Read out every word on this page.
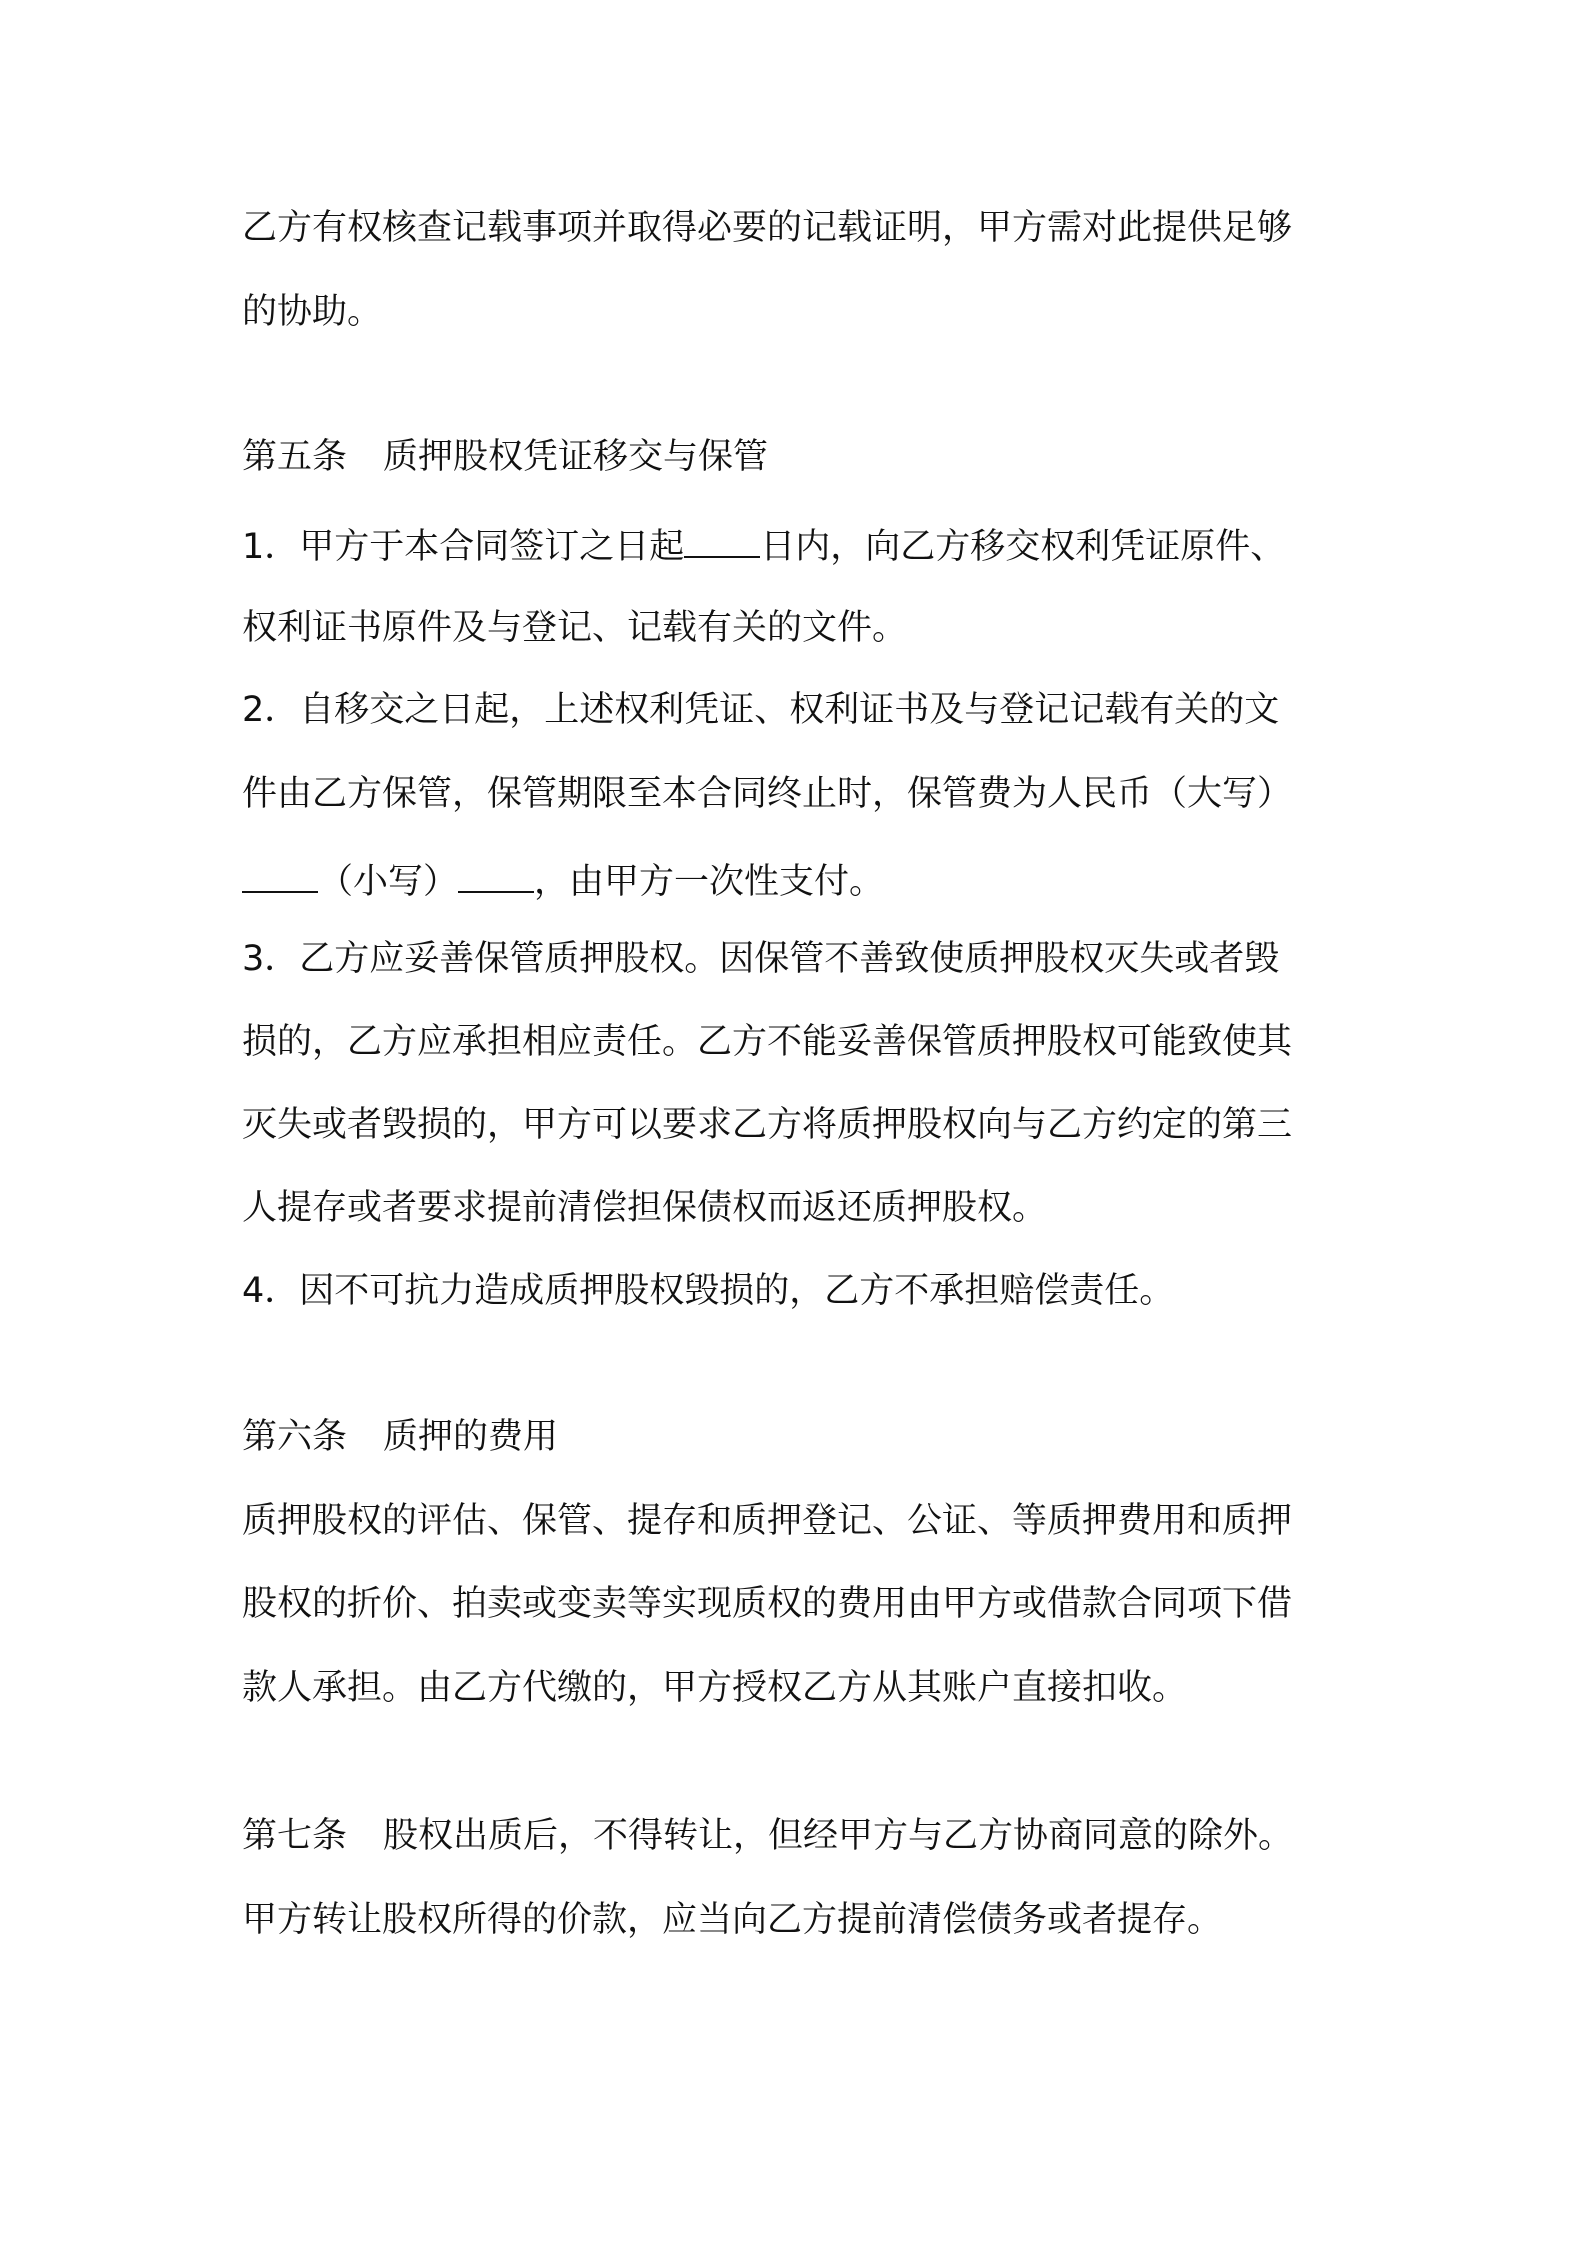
乙方有权核查记载事项并取得必要的记载证明，甲方需对此提供足够
的协助。
第五条 质押股权凭证移交与保管
1．甲方于本合同签订之日起 日内，向乙方移交权利凭证原件、
权利证书原件及与登记、记载有关的文件。
2．自移交之日起，上述权利凭证、权利证书及与登记记载有关的文
件由乙方保管，保管期限至本合同终止时，保管费为人民币（大写）
（小写） ，由甲方一次性支付。
3．乙方应妥善保管质押股权。因保管不善致使质押股权灭失或者毁
损的，乙方应承担相应责任。乙方不能妥善保管质押股权可能致使其
灭失或者毁损的，甲方可以要求乙方将质押股权向与乙方约定的第三
人提存或者要求提前清偿担保债权而返还质押股权。
4．因不可抗力造成质押股权毁损的，乙方不承担赔偿责任。
第六条 质押的费用
质押股权的评估、保管、提存和质押登记、公证、等质押费用和质押
股权的折价、拍卖或变卖等实现质权的费用由甲方或借款合同项下借
款人承担。由乙方代缴的，甲方授权乙方从其账户直接扣收。
第七条 股权出质后，不得转让，但经甲方与乙方协商同意的除外。
甲方转让股权所得的价款，应当向乙方提前清偿债务或者提存。
